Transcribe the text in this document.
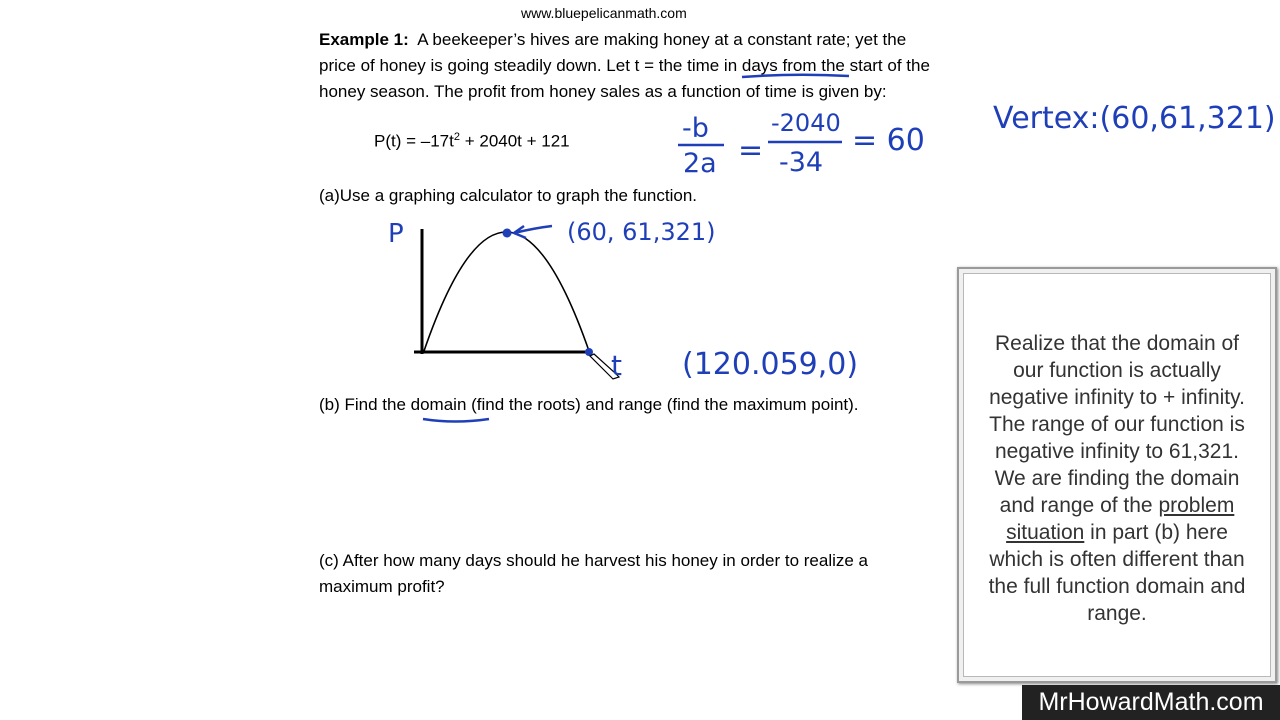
www.bluepelicanmath.com
Example 1: A beekeeper’s hives are making honey at a constant rate; yet the
price of honey is going steadily down. Let t = the time in days from the start of the
honey season. The profit from honey sales as a function of time is given by:
$P(t) = -17t^2 + 2040t + 121$
(a)Use a graphing calculator to graph the function.
(b) Find the domain (find the roots) and range (find the maximum point).
(c) After how many days should he harvest his honey in order to realize a
maximum profit?
-b
2a =
-2040
-34
= 60
Vertex:(60,61,321)
P	(60, 61,321)
t (120.059,0)
Realize that the domain of
our function is actually
negative infinity to + infinity.
The range of our function is
negative infinity to 61,321.
We are finding the domain
and range of the problem
situation in part (b) here
which is often different than
the full function domain and
range.
MrHowardMath.com
